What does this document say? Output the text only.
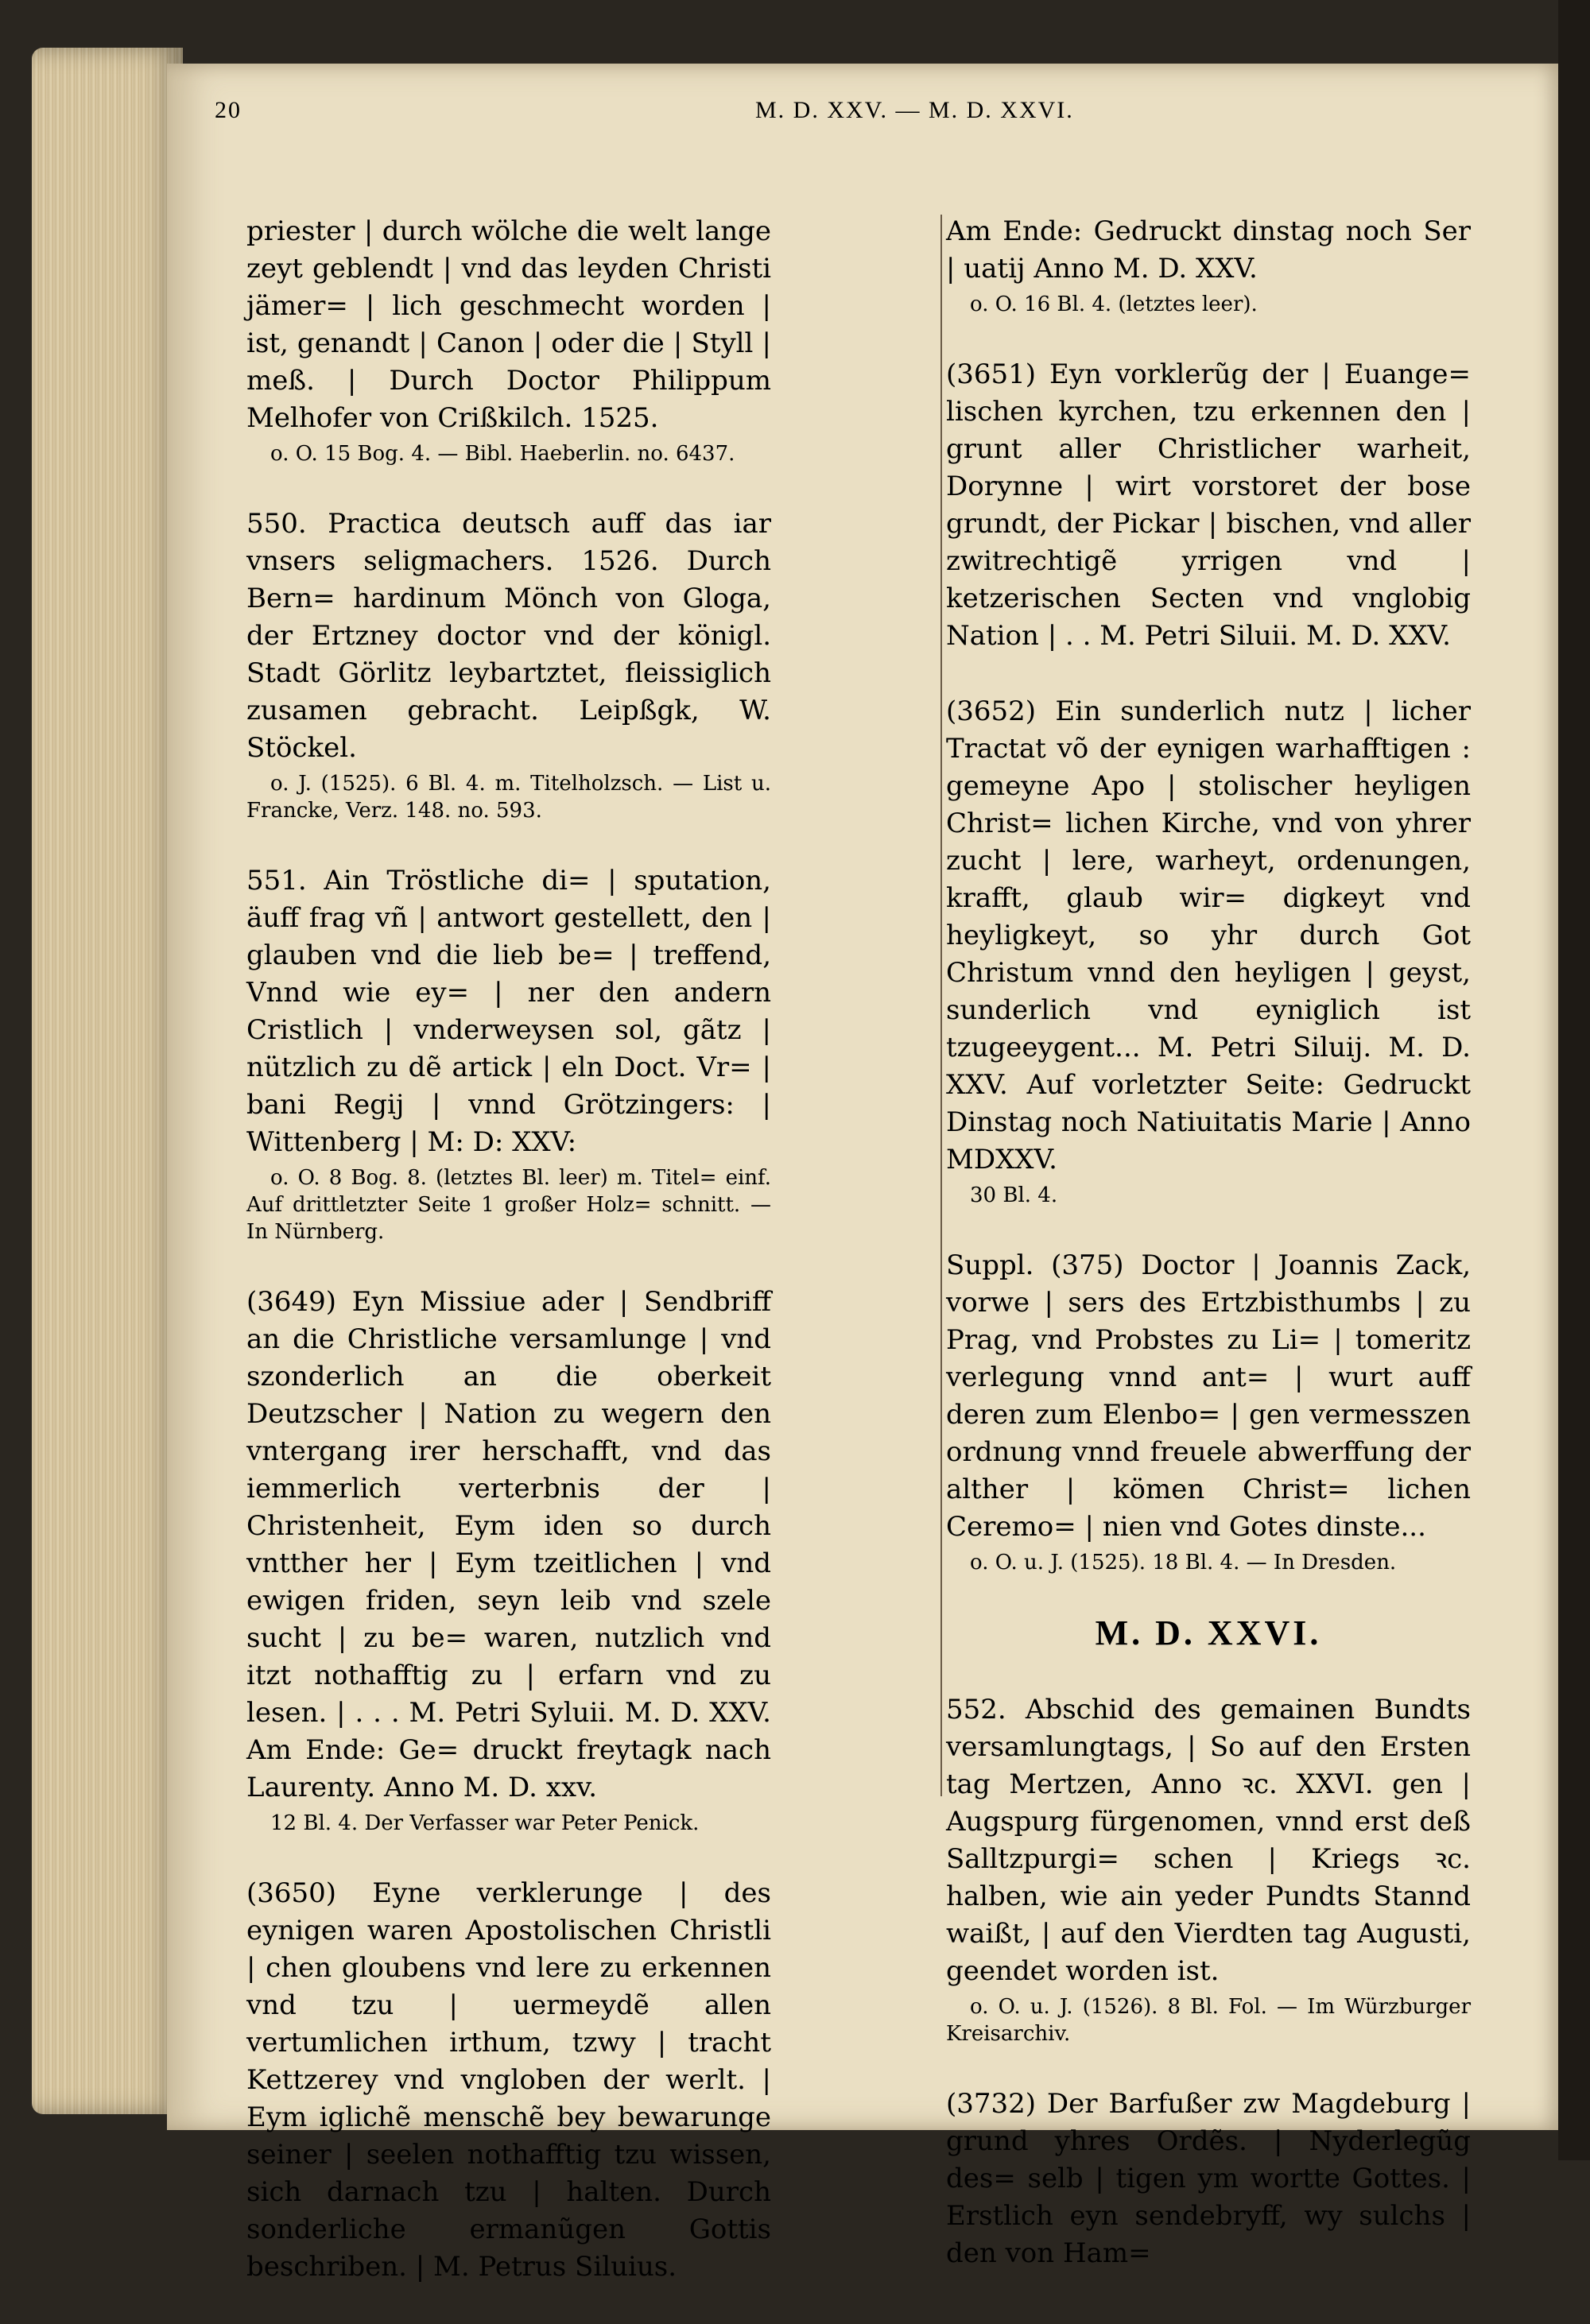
20	M. D. XXV. — M. D. XXVI.
priester | durch wölche die welt lange zeyt geblendt | vnd das leyden Christi jämer= | lich geschmecht worden | ist, genandt | Canon | oder die | Styll | meß. | Durch Doctor Philippum Melhofer von Crißkilch. 1525.
o. O. 15 Bog. 4. — Bibl. Haeberlin. no. 6437.
550. Practica deutsch auff das iar vnsers seligmachers. 1526. Durch Bern= hardinum Mönch von Gloga, der Ertzney doctor vnd der königl. Stadt Görlitz leybartztet, fleissiglich zusamen gebracht. Leipßgk, W. Stöckel.
o. J. (1525). 6 Bl. 4. m. Titelholzsch. — List u. Francke, Verz. 148. no. 593.
551. Ain Tröstliche di= | sputation, äuff frag vñ | antwort gestellett, den | glauben vnd die lieb be= | treffend, Vnnd wie ey= | ner den andern Cristlich | vnderweysen sol, gãtz | nützlich zu dẽ artick | eln Doct. Vr= | bani Regij | vnnd Grötzingers: | Wittenberg | M: D: XXV:
o. O. 8 Bog. 8. (letztes Bl. leer) m. Titel= einf. Auf drittletzter Seite 1 großer Holz= schnitt. — In Nürnberg.
(3649) Eyn Missiue ader | Sendbriff an die Christliche versamlunge | vnd szonderlich an die oberkeit Deutzscher | Nation zu wegern den vntergang irer herschafft, vnd das iemmerlich verterbnis der | Christenheit, Eym iden so durch vntther her | Eym tzeitlichen | vnd ewigen friden, seyn leib vnd szele sucht | zu be= waren, nutzlich vnd itzt nothafftig zu | erfarn vnd zu lesen. | . . . M. Petri Syluii. M. D. XXV. Am Ende: Ge= druckt freytagk nach Laurenty. Anno M. D. xxv.
12 Bl. 4. Der Verfasser war Peter Penick.
(3650) Eyne verklerunge | des eynigen waren Apostolischen Christli | chen gloubens vnd lere zu erkennen vnd tzu | uermeydẽ allen vertumlichen irthum, tzwy | tracht Kettzerey vnd vngloben der werlt. | Eym iglichẽ menschẽ bey bewarunge seiner | seelen nothafftig tzu wissen, sich darnach tzu | halten. Durch sonderliche ermanũgen Gottis beschriben. | M. Petrus Siluius.
Am Ende: Gedruckt dinstag noch Ser | uatij Anno M. D. XXV.
o. O. 16 Bl. 4. (letztes leer).
(3651) Eyn vorklerũg der | Euange= lischen kyrchen, tzu erkennen den | grunt aller Christlicher warheit, Dorynne | wirt vorstoret der bose grundt, der Pickar | bischen, vnd aller zwitrechtigẽ yrrigen vnd | ketzerischen Secten vnd vnglobig Nation | . . M. Petri Siluii. M. D. XXV.
(3652) Ein sunderlich nutz | licher Tractat võ der eynigen warhafftigen : gemeyne Apo | stolischer heyligen Christ= lichen Kirche, vnd von yhrer zucht | lere, warheyt, ordenungen, krafft, glaub wir= digkeyt vnd heyligkeyt, so yhr durch Got Christum vnnd den heyligen | geyst, sunderlich vnd eyniglich ist tzugeeygent... M. Petri Siluij. M. D. XXV. Auf vorletzter Seite: Gedruckt Dinstag noch Natiuitatis Marie | Anno MDXXV.
30 Bl. 4.
Suppl. (375) Doctor | Joannis Zack, vorwe | sers des Ertzbisthumbs | zu Prag, vnd Probstes zu Li= | tomeritz verlegung vnnd ant= | wurt auff deren zum Elenbo= | gen vermesszen ordnung vnnd freuele abwerffung der alther | kömen Christ= lichen Ceremo= | nien vnd Gotes dinste...
o. O. u. J. (1525). 18 Bl. 4. — In Dresden.
M. D. XXVI.
552. Abschid des gemainen Bundts versamlungtags, | So auf den Ersten tag Mertzen, Anno ꝛc. XXVI. gen | Augspurg fürgenomen, vnnd erst deß Salltzpurgi= schen | Kriegs ꝛc. halben, wie ain yeder Pundts Stannd waißt, | auf den Vierdten tag Augusti, geendet worden ist.
o. O. u. J. (1526). 8 Bl. Fol. — Im Würzburger Kreisarchiv.
(3732) Der Barfußer zw Magdeburg | grund yhres Ordẽs. | Nyderlegũg des= selb | tigen ym wortte Gottes. | Erstlich eyn sendebryff, wy sulchs | den von Ham=
